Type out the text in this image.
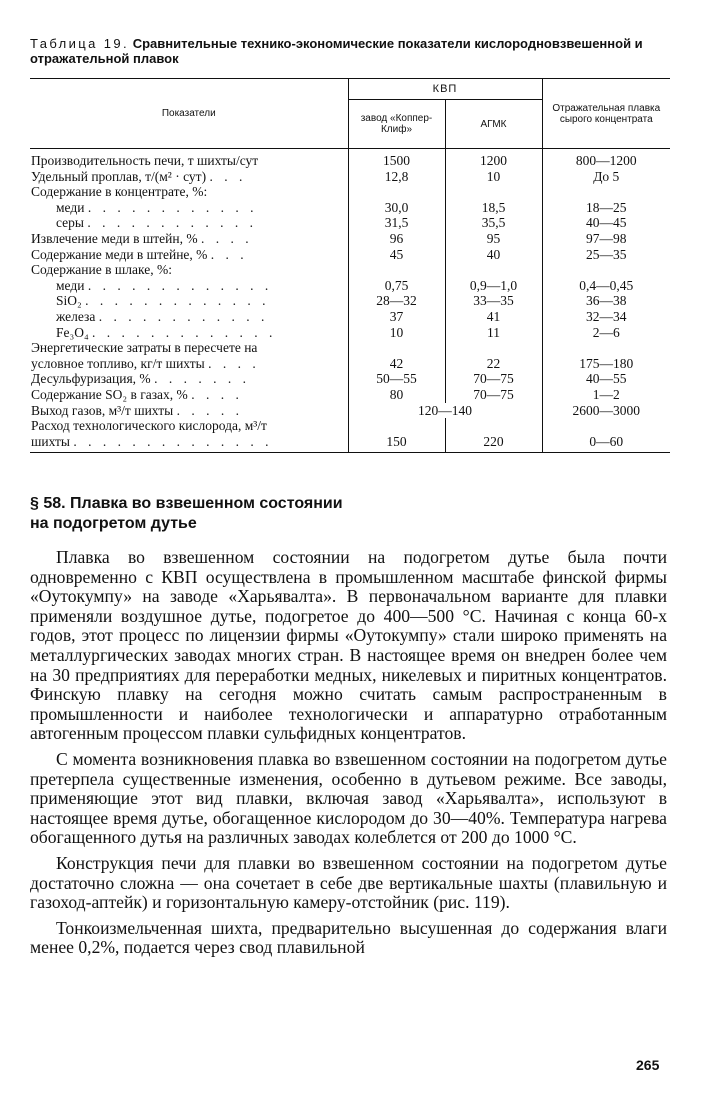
Таблица 19. Сравнительные технико-экономические показатели кислородновзвешенной и отражательной плавок
Показатели	КВП		Отражательная плавка сырого концентрата
	завод «Коппер-Клиф»	АГМК	
Производительность печи, т шихты/сут	1500	1200	800—1200
Удельный проплав, т/(м² · сут) . . .	12,8	10	До 5
Содержание в концентрате, %:			
меди . . . . . . . . . . . .	30,0	18,5	18—25
серы . . . . . . . . . . . .	31,5	35,5	40—45
Извлечение меди в штейн, % . . . .	96	95	97—98
Содержание меди в штейне, % . . .	45	40	25—35
Содержание в шлаке, %:			
меди . . . . . . . . . . . . .	0,75	0,9—1,0	0,4—0,45
SiO₂ . . . . . . . . . . . . .	28—32	33—35	36—38
железа . . . . . . . . . . . .	37	41	32—34
Fe₃O₄ . . . . . . . . . . . . .	10	11	2—6
Энергетические затраты в пересчете на			
условное топливо, кг/т шихты . . . .	42	22	175—180
Десульфуризация, % . . . . . . .	50—55	70—75	40—55
Содержание SO₂ в газах, % . . . .	80	70—75	1—2
Выход газов, м³/т шихты . . . . .	120—140		2600—3000
Расход технологического кислорода, м³/т			
шихты . . . . . . . . . . . . . .	150	220	0—60
§ 58. Плавка во взвешенном состоянии
на подогретом дутье

Плавка во взвешенном состоянии на подогретом дутье была почти одновременно с КВП осуществлена в промышленном масштабе финской фирмы «Оутокумпу» на заводе «Харьявалта». В первоначальном варианте для плавки применяли воздушное дутье, подогретое до 400—500 °С. Начиная с конца 60-х годов, этот процесс по лицензии фирмы «Оутокумпу» стали широко применять на металлургических заводах многих стран. В настоящее время он внедрен более чем на 30 предприятиях для переработки медных, никелевых и пиритных концентратов. Финскую плавку на сегодня можно считать самым распространенным в промышленности и наиболее технологически и аппаратурно отработанным автогенным процессом плавки сульфидных концентратов.

С момента возникновения плавка во взвешенном состоянии на подогретом дутье претерпела существенные изменения, особенно в дутьевом режиме. Все заводы, применяющие этот вид плавки, включая завод «Харьявалта», используют в настоящее время дутье, обогащенное кислородом до 30—40%. Температура нагрева обогащенного дутья на различных заводах колеблется от 200 до 1000 °С.

Конструкция печи для плавки во взвешенном состоянии на подогретом дутье достаточно сложна — она сочетает в себе две вертикальные шахты (плавильную и газоход-аптейк) и горизонтальную камеру-отстойник (рис. 119).

Тонкоизмельченная шихта, предварительно высушенная до содержания влаги менее 0,2%, подается через свод плавильной

265
